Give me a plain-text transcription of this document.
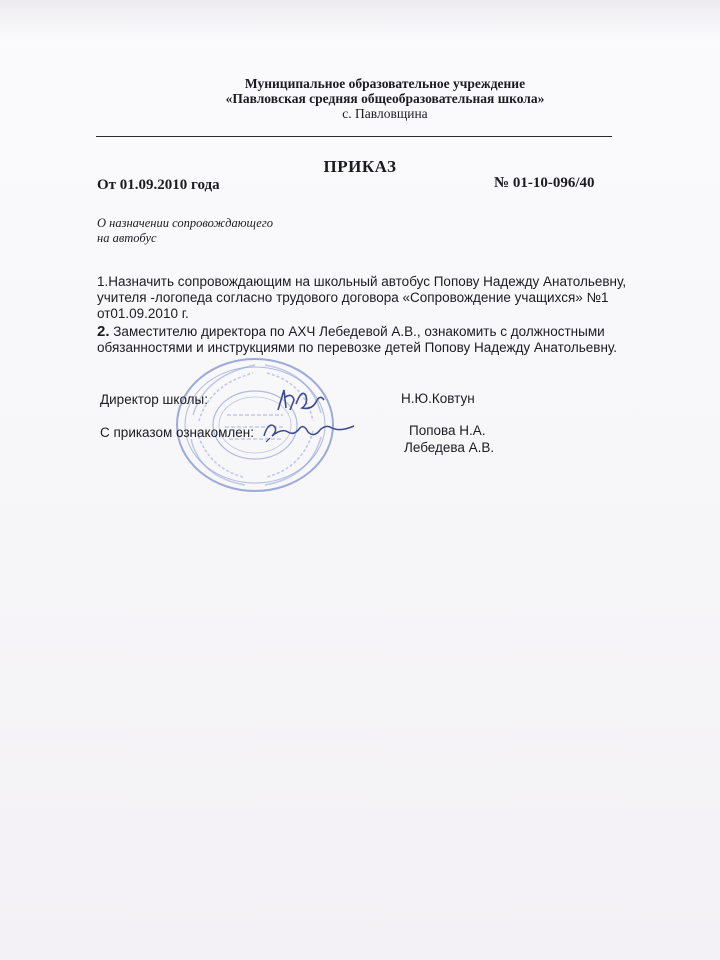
Муниципальное образовательное учреждение
«Павловская средняя общеобразовательная школа»
с. Павловщина
ПРИКАЗ
От 01.09.2010 года	№ 01-10-096/40
О назначении сопровождающего
на автобус
1.Назначить сопровождающим на школьный автобус Попову Надежду Анатольевну,
учителя -логопеда согласно трудового договора «Сопровождение учащихся» №1
от01.09.2010 г.
2. Заместителю директора по АХЧ Лебедевой А.В., ознакомить с должностными
обязанностями и инструкциями по перевозке детей Попову Надежду Анатольевну.
Директор школы:	Н.Ю.Ковтун
С приказом ознакомлен:	Попова Н.А.
Лебедева А.В.
